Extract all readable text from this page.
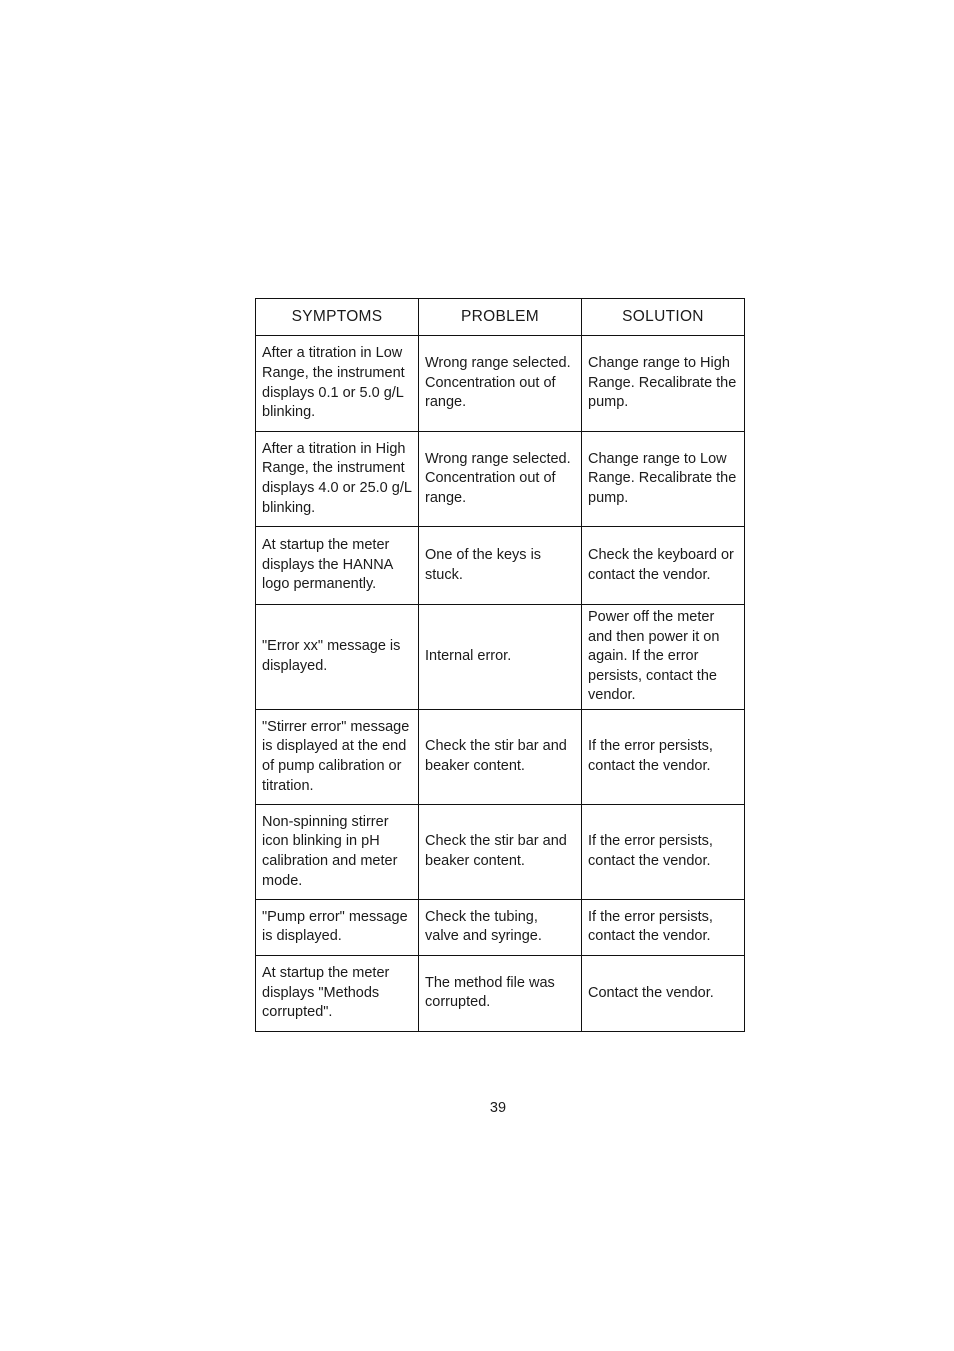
SYMPTOMS	PROBLEM	SOLUTION
After a titration in Low Range, the instrument displays 0.1 or 5.0 g/L blinking.	Wrong range selected. Concentration out of range.	Change range to High Range. Recalibrate the pump.
After a titration in High Range, the instrument displays 4.0 or 25.0 g/L blinking.	Wrong range selected. Concentration out of range.	Change range to Low Range. Recalibrate the pump.
At startup the meter displays the HANNA logo permanently.	One of the keys is stuck.	Check the keyboard or contact the vendor.
"Error xx" message is displayed.	Internal error.	Power off the meter and then power it on again. If the error persists, contact the vendor.
"Stirrer error" message is displayed at the end of pump calibration or titration.	Check the stir bar and beaker content.	If the error persists, contact the vendor.
Non-spinning stirrer icon blinking in pH calibration and meter mode.	Check the stir bar and beaker content.	If the error persists, contact the vendor.
"Pump error" message is displayed.	Check the tubing, valve and syringe.	If the error persists, contact the vendor.
At startup the meter displays "Methods corrupted".	The method file was corrupted.	Contact the vendor.
39
